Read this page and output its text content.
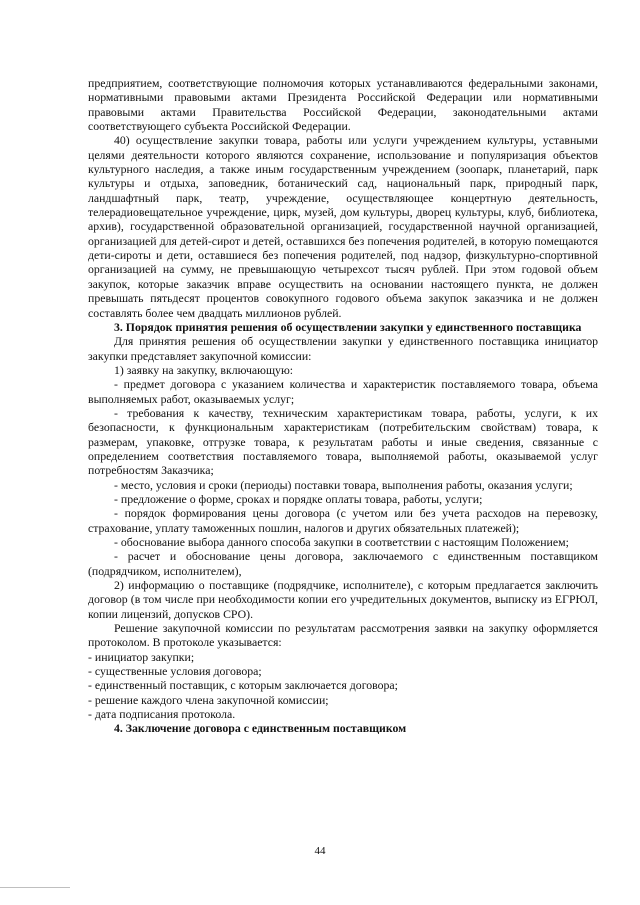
предприятием, соответствующие полномочия которых устанавливаются федеральными законами, нормативными правовыми актами Президента Российской Федерации или нормативными правовыми актами Правительства Российской Федерации, законодательными актами соответствующего субъекта Российской Федерации.

40) осуществление закупки товара, работы или услуги учреждением культуры, уставными целями деятельности которого являются сохранение, использование и популяризация объектов культурного наследия, а также иным государственным учреждением (зоопарк, планетарий, парк культуры и отдыха, заповедник, ботанический сад, национальный парк, природный парк, ландшафтный парк, театр, учреждение, осуществляющее концертную деятельность, телерадиовещательное учреждение, цирк, музей, дом культуры, дворец культуры, клуб, библиотека, архив), государственной образовательной организацией, государственной научной организацией, организацией для детей-сирот и детей, оставшихся без попечения родителей, в которую помещаются дети-сироты и дети, оставшиеся без попечения родителей, под надзор, физкультурно-спортивной организацией на сумму, не превышающую четырехсот тысяч рублей. При этом годовой объем закупок, которые заказчик вправе осуществить на основании настоящего пункта, не должен превышать пятьдесят процентов совокупного годового объема закупок заказчика и не должен составлять более чем двадцать миллионов рублей.

3. Порядок принятия решения об осуществлении закупки у единственного поставщика

Для принятия решения об осуществлении закупки у единственного поставщика инициатор закупки представляет закупочной комиссии:

1) заявку на закупку, включающую:

- предмет договора с указанием количества и характеристик поставляемого товара, объема выполняемых работ, оказываемых услуг;

- требования к качеству, техническим характеристикам товара, работы, услуги, к их безопасности, к функциональным характеристикам (потребительским свойствам) товара, к размерам, упаковке, отгрузке товара, к результатам работы и иные сведения, связанные с определением соответствия поставляемого товара, выполняемой работы, оказываемой услуг потребностям Заказчика;

- место, условия и сроки (периоды) поставки товара, выполнения работы, оказания услуги;

- предложение о форме, сроках и порядке оплаты товара, работы, услуги;

- порядок формирования цены договора (с учетом или без учета расходов на перевозку, страхование, уплату таможенных пошлин, налогов и других обязательных платежей);

- обоснование выбора данного способа закупки в соответствии с настоящим Положением;

- расчет и обоснование цены договора, заключаемого с единственным поставщиком (подрядчиком, исполнителем),

2) информацию о поставщике (подрядчике, исполнителе), с которым предлагается заключить договор (в том числе при необходимости копии его учредительных документов, выписку из ЕГРЮЛ, копии лицензий, допусков СРО).

Решение закупочной комиссии по результатам рассмотрения заявки на закупку оформляется протоколом. В протоколе указывается:

- инициатор закупки;

- существенные условия договора;

- единственный поставщик, с которым заключается договора;

- решение каждого члена закупочной комиссии;

- дата подписания протокола.

4. Заключение договора с единственным поставщиком

44
